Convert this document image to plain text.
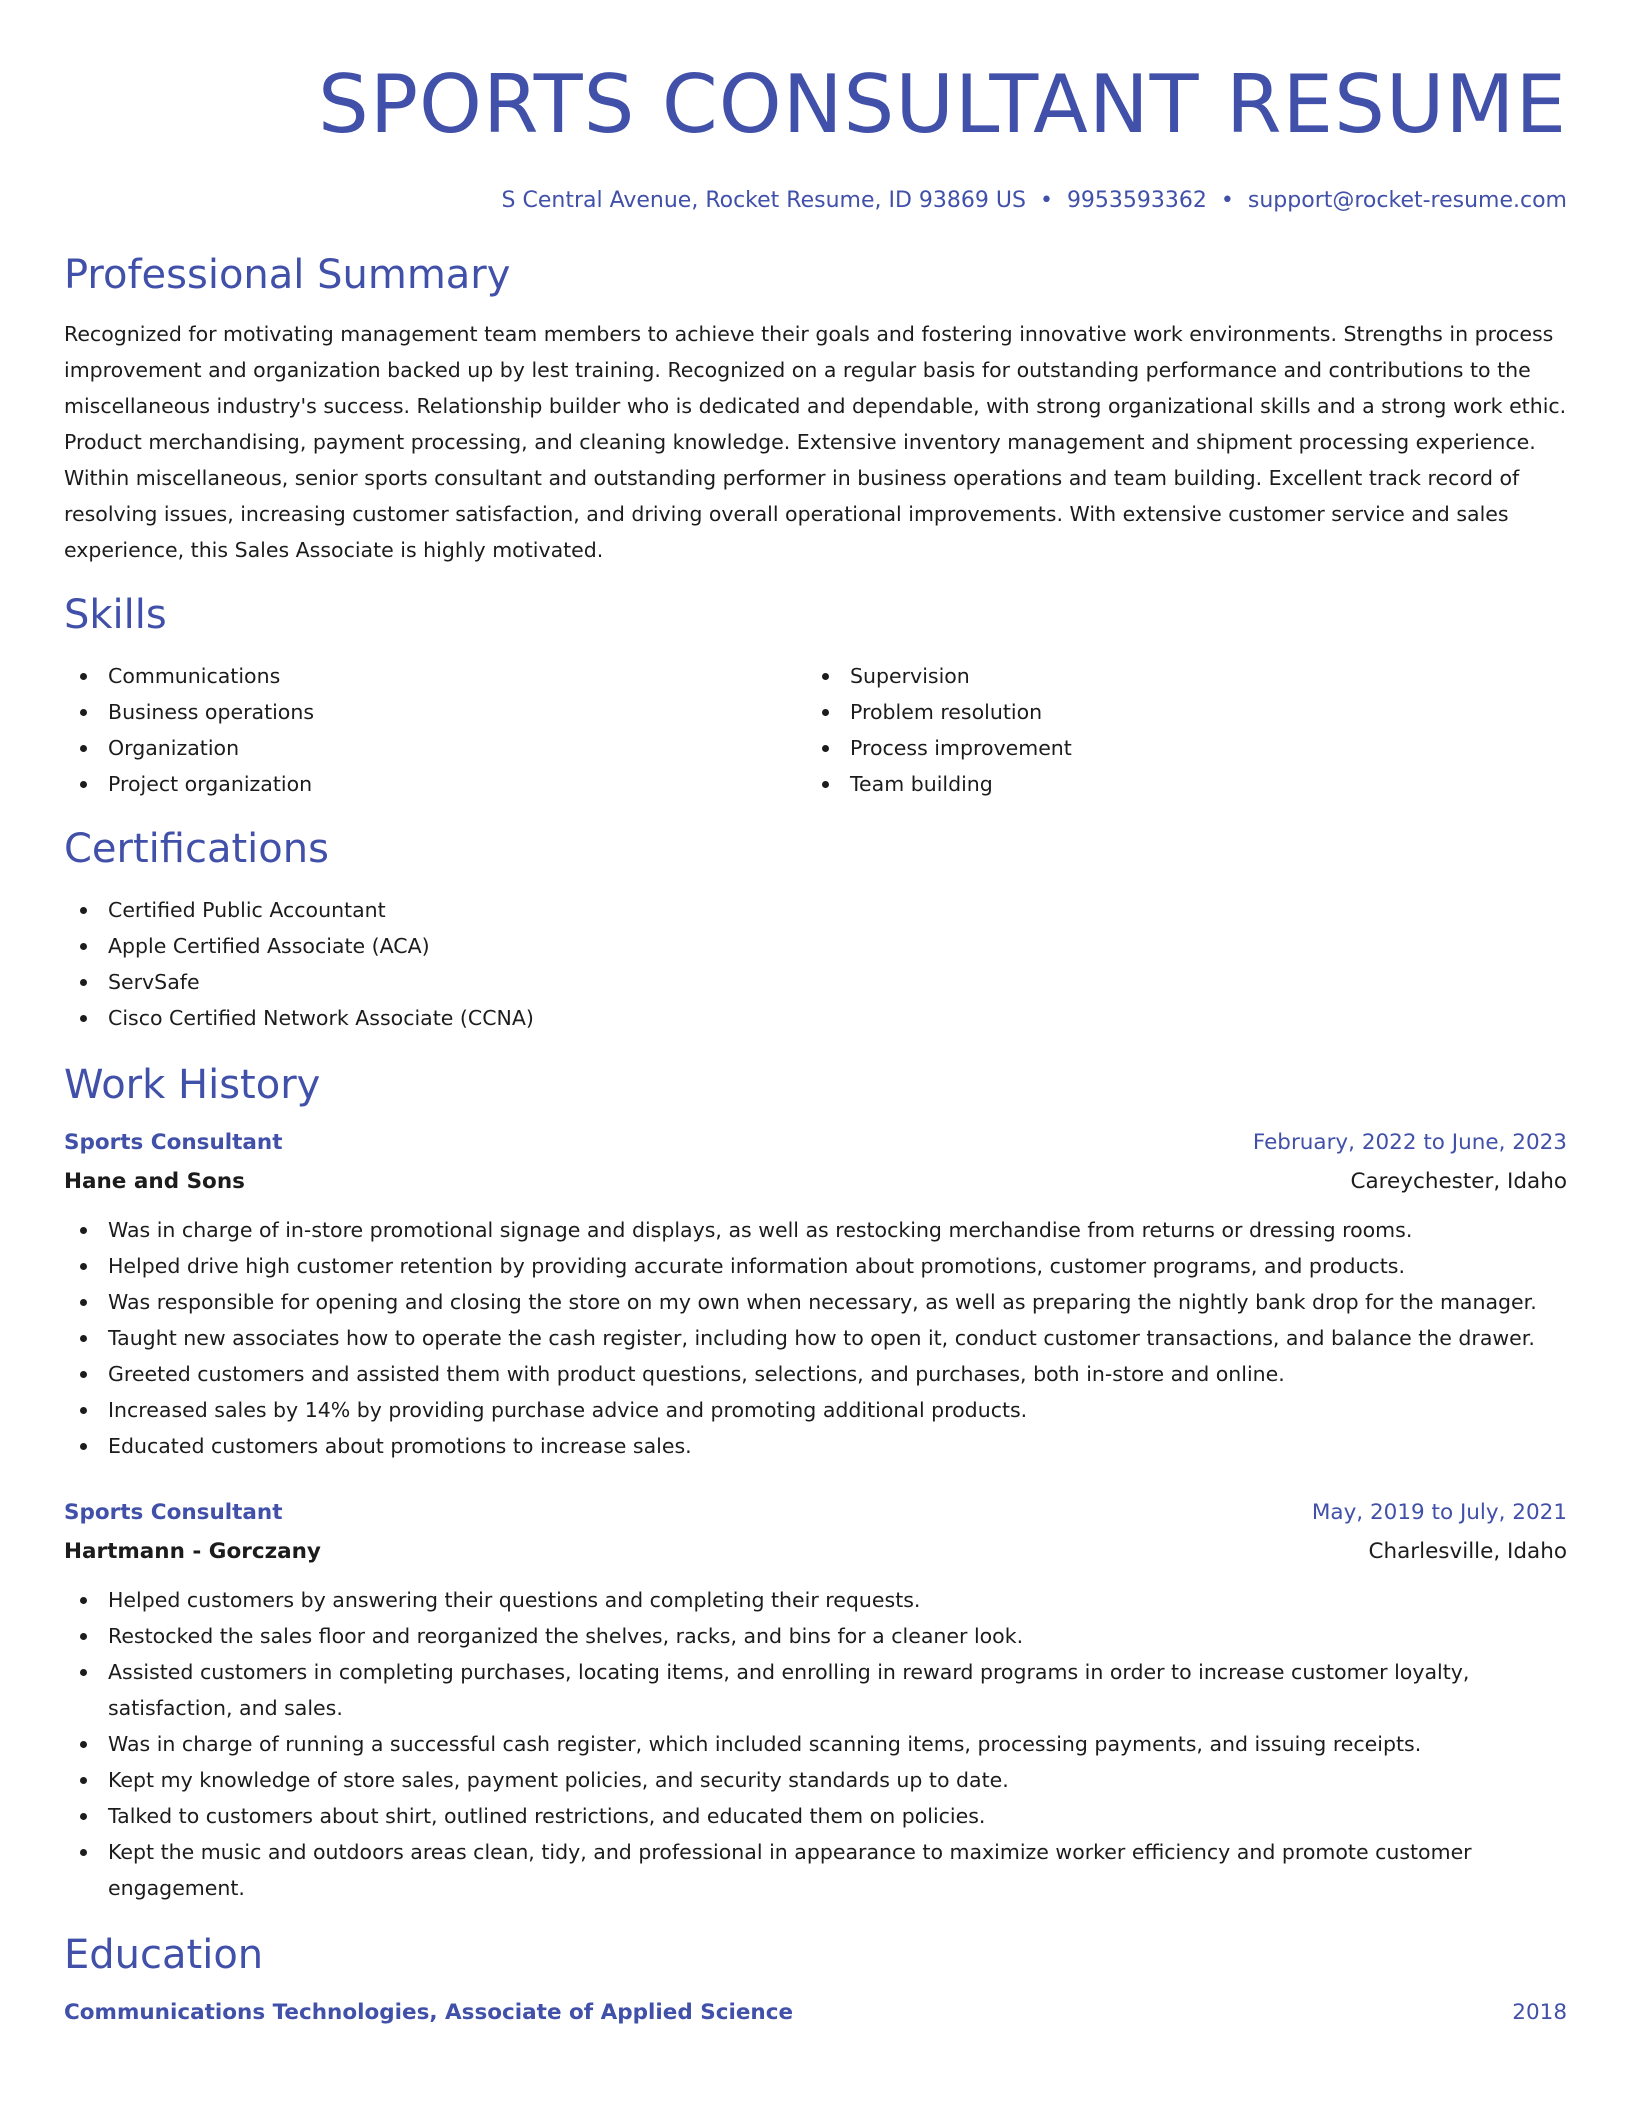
SPORTS CONSULTANT RESUME
S Central Avenue, Rocket Resume, ID 93869 US • 9953593362 • support@rocket-resume.com
Professional Summary

Recognized for motivating management team members to achieve their goals and fostering innovative work environments. Strengths in process improvement and organization backed up by lest training. Recognized on a regular basis for outstanding performance and contributions to the miscellaneous industry's success. Relationship builder who is dedicated and dependable, with strong organizational skills and a strong work ethic. Product merchandising, payment processing, and cleaning knowledge. Extensive inventory management and shipment processing experience. Within miscellaneous, senior sports consultant and outstanding performer in business operations and team building. Excellent track record of resolving issues, increasing customer satisfaction, and driving overall operational improvements. With extensive customer service and sales experience, this Sales Associate is highly motivated.

Skills
Communications
Business operations
Organization
Project organization
Supervision
Problem resolution
Process improvement
Team building
Certifications
Certified Public Accountant
Apple Certified Associate (ACA)
ServSafe
Cisco Certified Network Associate (CCNA)
Work History
Sports Consultant	February, 2022 to June, 2023
Hane and Sons	Careychester, Idaho
Was in charge of in-store promotional signage and displays, as well as restocking merchandise from returns or dressing rooms.
Helped drive high customer retention by providing accurate information about promotions, customer programs, and products.
Was responsible for opening and closing the store on my own when necessary, as well as preparing the nightly bank drop for the manager.
Taught new associates how to operate the cash register, including how to open it, conduct customer transactions, and balance the drawer.
Greeted customers and assisted them with product questions, selections, and purchases, both in-store and online.
Increased sales by 14% by providing purchase advice and promoting additional products.
Educated customers about promotions to increase sales.
Sports Consultant	May, 2019 to July, 2021
Hartmann - Gorczany	Charlesville, Idaho
Helped customers by answering their questions and completing their requests.
Restocked the sales floor and reorganized the shelves, racks, and bins for a cleaner look.
Assisted customers in completing purchases, locating items, and enrolling in reward programs in order to increase customer loyalty, satisfaction, and sales.
Was in charge of running a successful cash register, which included scanning items, processing payments, and issuing receipts.
Kept my knowledge of store sales, payment policies, and security standards up to date.
Talked to customers about shirt, outlined restrictions, and educated them on policies.
Kept the music and outdoors areas clean, tidy, and professional in appearance to maximize worker efficiency and promote customer engagement.
Education
Communications Technologies, Associate of Applied Science	2018
